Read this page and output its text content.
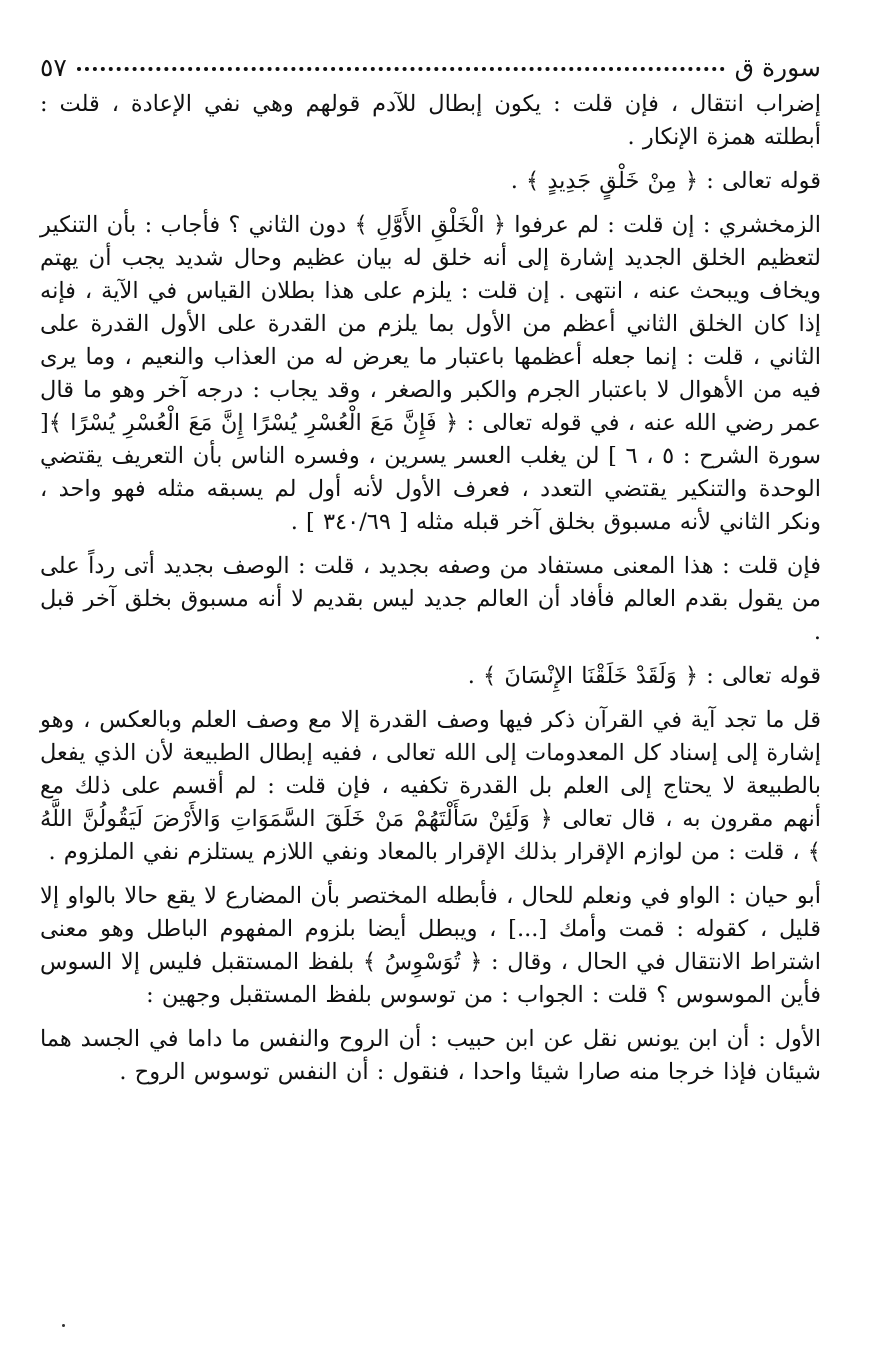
سورة ق
٥٧

إضراب انتقال ، فإن قلت : يكون إبطال للآدم قولهم وهي نفي الإعادة ، قلت : أبطلته همزة الإنكار .

قوله تعالى : ﴿ مِنْ خَلْقٍ جَدِيدٍ ﴾ .

الزمخشري : إن قلت : لم عرفوا ﴿ الْخَلْقِ الأَوَّلِ ﴾ دون الثاني ؟ فأجاب : بأن التنكير لتعظيم الخلق الجديد إشارة إلى أنه خلق له بيان عظيم وحال شديد يجب أن يهتم ويخاف ويبحث عنه ، انتهى . إن قلت : يلزم على هذا بطلان القياس في الآية ، فإنه إذا كان الخلق الثاني أعظم من الأول بما يلزم من القدرة على الأول القدرة على الثاني ، قلت : إنما جعله أعظمها باعتبار ما يعرض له من العذاب والنعيم ، وما يرى فيه من الأهوال لا باعتبار الجرم والكبر والصغر ، وقد يجاب : درجه آخر وهو ما قال عمر رضي الله عنه ، في قوله تعالى : ﴿ فَإِنَّ مَعَ الْعُسْرِ يُسْرًا إِنَّ مَعَ الْعُسْرِ يُسْرًا ﴾[ سورة الشرح : ٥ ، ٦ ] لن يغلب العسر يسرين ، وفسره الناس بأن التعريف يقتضي الوحدة والتنكير يقتضي التعدد ، فعرف الأول لأنه أول لم يسبقه مثله فهو واحد ، ونكر الثاني لأنه مسبوق بخلق آخر قبله مثله [ ٣٤٠/٦٩ ] .

فإن قلت : هذا المعنى مستفاد من وصفه بجديد ، قلت : الوصف بجديد أتى رداً على من يقول بقدم العالم فأفاد أن العالم جديد ليس بقديم لا أنه مسبوق بخلق آخر قبل .

قوله تعالى : ﴿ وَلَقَدْ خَلَقْنَا الإِنْسَانَ ﴾ .

قل ما تجد آية في القرآن ذكر فيها وصف القدرة إلا مع وصف العلم وبالعكس ، وهو إشارة إلى إسناد كل المعدومات إلى الله تعالى ، ففيه إبطال الطبيعة لأن الذي يفعل بالطبيعة لا يحتاج إلى العلم بل القدرة تكفيه ، فإن قلت : لم أقسم على ذلك مع أنهم مقرون به ، قال تعالى ﴿ وَلَئِنْ سَأَلْتَهُمْ مَنْ خَلَقَ السَّمَوَاتِ وَالأَرْضَ لَيَقُولُنَّ اللَّهُ ﴾ ، قلت : من لوازم الإقرار بذلك الإقرار بالمعاد ونفي اللازم يستلزم نفي الملزوم .

أبو حيان : الواو في ونعلم للحال ، فأبطله المختصر بأن المضارع لا يقع حالا بالواو إلا قليل ، كقوله : قمت وأمك [...] ، ويبطل أيضا بلزوم المفهوم الباطل وهو معنى اشتراط الانتقال في الحال ، وقال : ﴿ تُوَسْوِسُ ﴾ بلفظ المستقبل فليس إلا السوس فأين الموسوس ؟ قلت : الجواب : من توسوس بلفظ المستقبل وجهين :

الأول : أن ابن يونس نقل عن ابن حبيب : أن الروح والنفس ما داما في الجسد هما شيئان فإذا خرجا منه صارا شيئا واحدا ، فنقول : أن النفس توسوس الروح .
